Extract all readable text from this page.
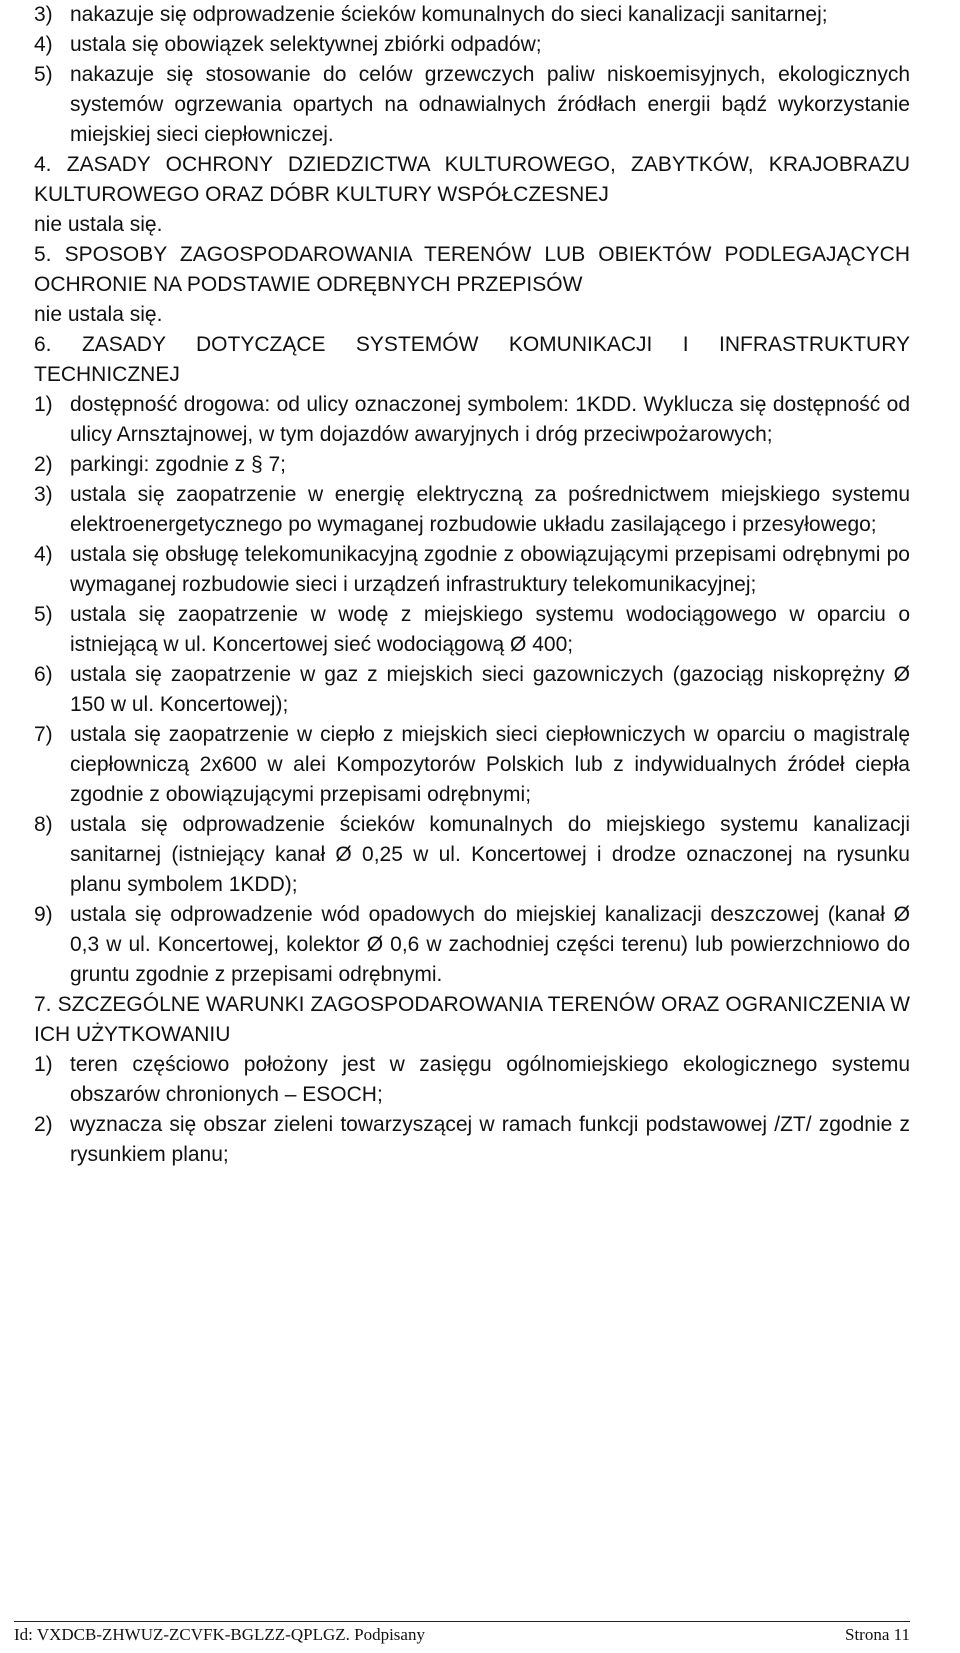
3) nakazuje się odprowadzenie ścieków komunalnych do sieci kanalizacji sanitarnej;
4) ustala się obowiązek selektywnej zbiórki odpadów;
5) nakazuje się stosowanie do celów grzewczych paliw niskoemisyjnych, ekologicznych systemów ogrzewania opartych na odnawialnych źródłach energii bądź wykorzystanie miejskiej sieci ciepłowniczej.
4. ZASADY OCHRONY DZIEDZICTWA KULTUROWEGO, ZABYTKÓW, KRAJOBRAZU KULTUROWEGO ORAZ DÓBR KULTURY WSPÓŁCZESNEJ

nie ustala się.

5. SPOSOBY ZAGOSPODAROWANIA TERENÓW LUB OBIEKTÓW PODLEGAJĄCYCH OCHRONIE NA PODSTAWIE ODRĘBNYCH PRZEPISÓW

nie ustala się.

6. ZASADY DOTYCZĄCE SYSTEMÓW KOMUNIKACJI I INFRASTRUKTURY TECHNICZNEJ
1) dostępność drogowa: od ulicy oznaczonej symbolem: 1KDD. Wyklucza się dostępność od ulicy Arnsztajnowej, w tym dojazdów awaryjnych i dróg przeciwpożarowych;
2) parkingi: zgodnie z § 7;
3) ustala się zaopatrzenie w energię elektryczną za pośrednictwem miejskiego systemu elektroenergetycznego po wymaganej rozbudowie układu zasilającego i przesyłowego;
4) ustala się obsługę telekomunikacyjną zgodnie z obowiązującymi przepisami odrębnymi po wymaganej rozbudowie sieci i urządzeń infrastruktury telekomunikacyjnej;
5) ustala się zaopatrzenie w wodę z miejskiego systemu wodociągowego w oparciu o istniejącą w ul. Koncertowej sieć wodociągową Ø 400;
6) ustala się zaopatrzenie w gaz z miejskich sieci gazowniczych (gazociąg niskoprężny Ø 150 w ul. Koncertowej);
7) ustala się zaopatrzenie w ciepło z miejskich sieci ciepłowniczych w oparciu o magistralę ciepłowniczą 2x600 w alei Kompozytorów Polskich lub z indywidualnych źródeł ciepła zgodnie z obowiązującymi przepisami odrębnymi;
8) ustala się odprowadzenie ścieków komunalnych do miejskiego systemu kanalizacji sanitarnej (istniejący kanał Ø 0,25 w ul. Koncertowej i drodze oznaczonej na rysunku planu symbolem 1KDD);
9) ustala się odprowadzenie wód opadowych do miejskiej kanalizacji deszczowej (kanał Ø 0,3 w ul. Koncertowej, kolektor Ø 0,6 w zachodniej części terenu) lub powierzchniowo do gruntu zgodnie z przepisami odrębnymi.
7. SZCZEGÓLNE WARUNKI ZAGOSPODAROWANIA TERENÓW ORAZ OGRANICZENIA W ICH UŻYTKOWANIU
1) teren częściowo położony jest w zasięgu ogólnomiejskiego ekologicznego systemu obszarów chronionych – ESOCH;
2) wyznacza się obszar zieleni towarzyszącej w ramach funkcji podstawowej /ZT/ zgodnie z rysunkiem planu;
Id: VXDCB-ZHWUZ-ZCVFK-BGLZZ-QPLGZ. Podpisany	Strona 11
